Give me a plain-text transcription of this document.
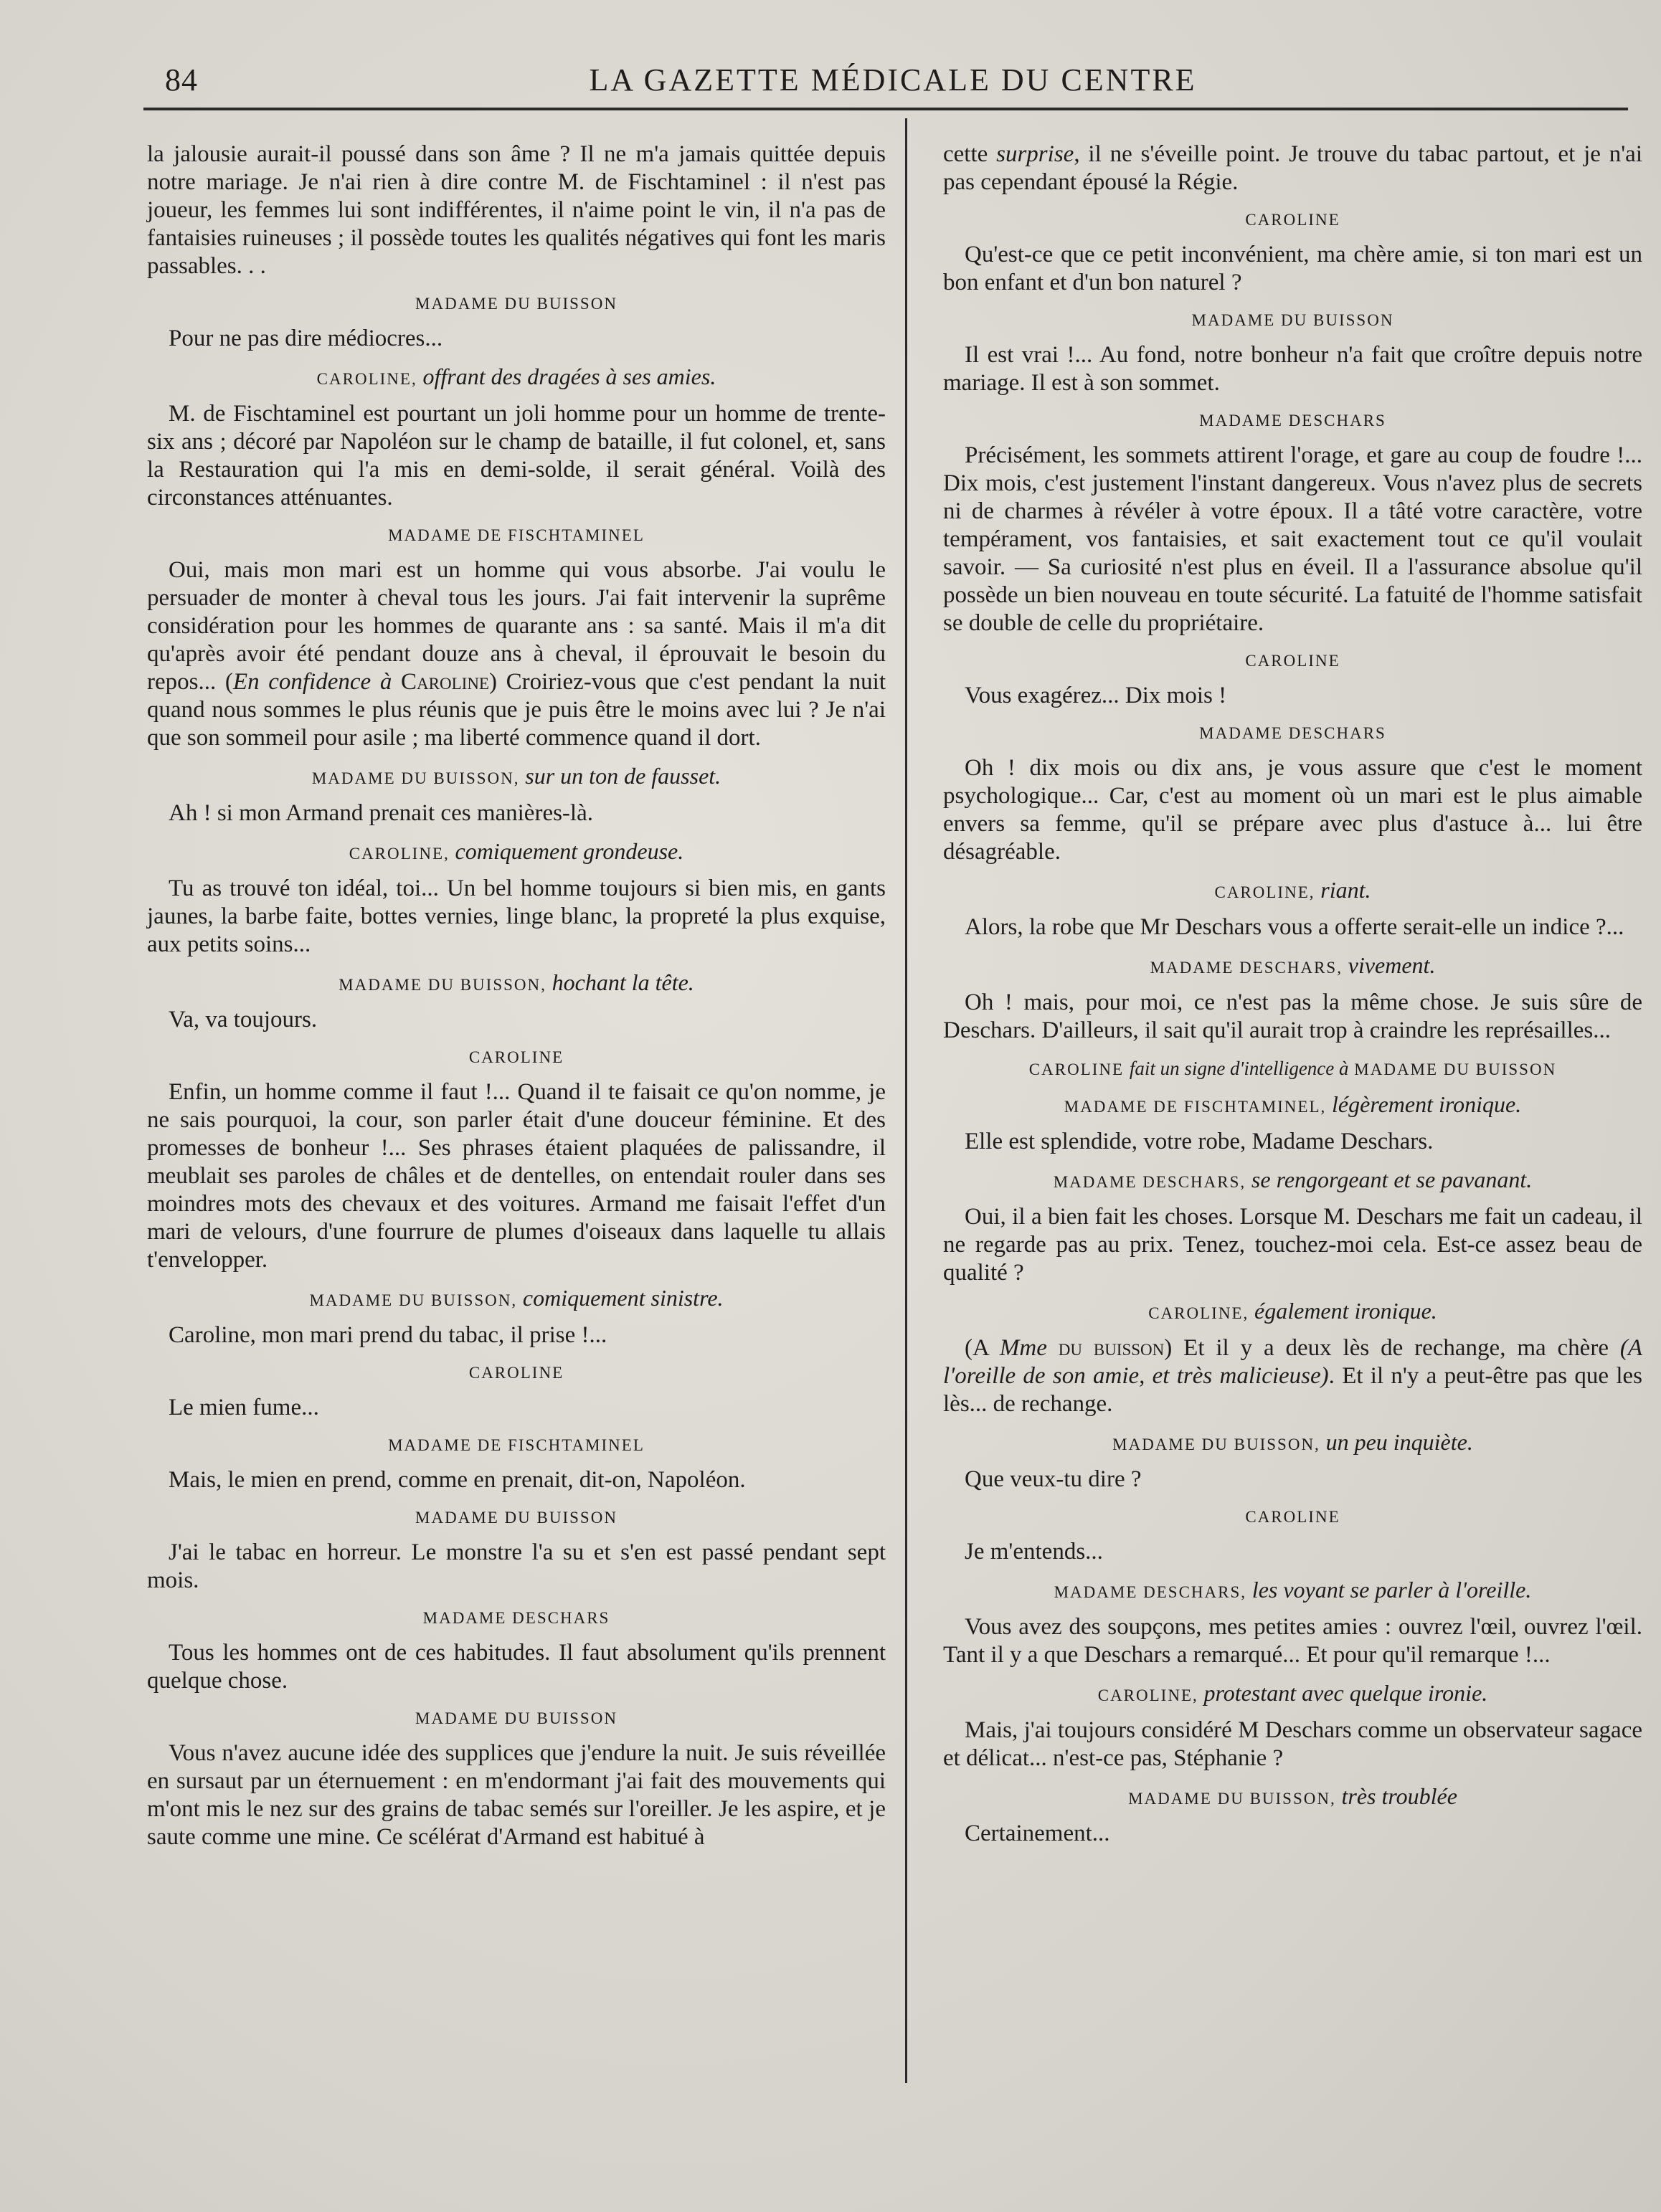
84	LA GAZETTE MÉDICALE DU CENTRE

la jalousie aurait-il poussé dans son âme ? Il ne m'a jamais quittée depuis notre mariage. Je n'ai rien à dire contre M. de Fischtaminel : il n'est pas joueur, les femmes lui sont indifférentes, il n'aime point le vin, il n'a pas de fantaisies ruineuses ; il possède toutes les qualités négatives qui font les maris passables. . .

MADAME DU BUISSON

Pour ne pas dire médiocres...

CAROLINE, offrant des dragées à ses amies.

M. de Fischtaminel est pourtant un joli homme pour un homme de trente-six ans ; décoré par Napoléon sur le champ de bataille, il fut colonel, et, sans la Restauration qui l'a mis en demi-solde, il serait général. Voilà des circonstances atténuantes.

MADAME DE FISCHTAMINEL

Oui, mais mon mari est un homme qui vous absorbe. J'ai voulu le persuader de monter à cheval tous les jours. J'ai fait intervenir la suprême considération pour les hommes de quarante ans : sa santé. Mais il m'a dit qu'après avoir été pendant douze ans à cheval, il éprouvait le besoin du repos... (En confidence à Caroline) Croiriez-vous que c'est pendant la nuit quand nous sommes le plus réunis que je puis être le moins avec lui ? Je n'ai que son sommeil pour asile ; ma liberté commence quand il dort.

MADAME DU BUISSON, sur un ton de fausset.

Ah ! si mon Armand prenait ces manières-là.

CAROLINE, comiquement grondeuse.

Tu as trouvé ton idéal, toi... Un bel homme toujours si bien mis, en gants jaunes, la barbe faite, bottes vernies, linge blanc, la propreté la plus exquise, aux petits soins...

MADAME DU BUISSON, hochant la tête.

Va, va toujours.

CAROLINE

Enfin, un homme comme il faut !... Quand il te faisait ce qu'on nomme, je ne sais pourquoi, la cour, son parler était d'une douceur féminine. Et des promesses de bonheur !... Ses phrases étaient plaquées de palissandre, il meublait ses paroles de châles et de dentelles, on entendait rouler dans ses moindres mots des chevaux et des voitures. Armand me faisait l'effet d'un mari de velours, d'une fourrure de plumes d'oiseaux dans laquelle tu allais t'envelopper.

MADAME DU BUISSON, comiquement sinistre.

Caroline, mon mari prend du tabac, il prise !...

CAROLINE

Le mien fume...

MADAME DE FISCHTAMINEL

Mais, le mien en prend, comme en prenait, dit-on, Napoléon.

MADAME DU BUISSON

J'ai le tabac en horreur. Le monstre l'a su et s'en est passé pendant sept mois.

MADAME DESCHARS

Tous les hommes ont de ces habitudes. Il faut absolument qu'ils prennent quelque chose.

MADAME DU BUISSON

Vous n'avez aucune idée des supplices que j'endure la nuit. Je suis réveillée en sursaut par un éternuement : en m'endormant j'ai fait des mouvements qui m'ont mis le nez sur des grains de tabac semés sur l'oreiller. Je les aspire, et je saute comme une mine. Ce scélérat d'Armand est habitué à

cette surprise, il ne s'éveille point. Je trouve du tabac partout, et je n'ai pas cependant épousé la Régie.

CAROLINE

Qu'est-ce que ce petit inconvénient, ma chère amie, si ton mari est un bon enfant et d'un bon naturel ?

MADAME DU BUISSON

Il est vrai !... Au fond, notre bonheur n'a fait que croître depuis notre mariage. Il est à son sommet.

MADAME DESCHARS

Précisément, les sommets attirent l'orage, et gare au coup de foudre !... Dix mois, c'est justement l'instant dangereux. Vous n'avez plus de secrets ni de charmes à révéler à votre époux. Il a tâté votre caractère, votre tempérament, vos fantaisies, et sait exactement tout ce qu'il voulait savoir. — Sa curiosité n'est plus en éveil. Il a l'assurance absolue qu'il possède un bien nouveau en toute sécurité. La fatuité de l'homme satisfait se double de celle du propriétaire.

CAROLINE

Vous exagérez... Dix mois !

MADAME DESCHARS

Oh ! dix mois ou dix ans, je vous assure que c'est le moment psychologique... Car, c'est au moment où un mari est le plus aimable envers sa femme, qu'il se prépare avec plus d'astuce à... lui être désagréable.

CAROLINE, riant.

Alors, la robe que Mr Deschars vous a offerte serait-elle un indice ?...

MADAME DESCHARS, vivement.

Oh ! mais, pour moi, ce n'est pas la même chose. Je suis sûre de Deschars. D'ailleurs, il sait qu'il aurait trop à craindre les représailles...

CAROLINE fait un signe d'intelligence à MADAME DU BUISSON
MADAME DE FISCHTAMINEL, légèrement ironique.

Elle est splendide, votre robe, Madame Deschars.

MADAME DESCHARS, se rengorgeant et se pavanant.

Oui, il a bien fait les choses. Lorsque M. Deschars me fait un cadeau, il ne regarde pas au prix. Tenez, touchez-moi cela. Est-ce assez beau de qualité ?

CAROLINE, également ironique.

(A Mme du buisson) Et il y a deux lès de rechange, ma chère (A l'oreille de son amie, et très malicieuse). Et il n'y a peut-être pas que les lès... de rechange.

MADAME DU BUISSON, un peu inquiète.

Que veux-tu dire ?

CAROLINE

Je m'entends...

MADAME DESCHARS, les voyant se parler à l'oreille.

Vous avez des soupçons, mes petites amies : ouvrez l'œil, ouvrez l'œil. Tant il y a que Deschars a remarqué... Et pour qu'il remarque !...

CAROLINE, protestant avec quelque ironie.

Mais, j'ai toujours considéré M Deschars comme un observateur sagace et délicat... n'est-ce pas, Stéphanie ?

MADAME DU BUISSON, très troublée

Certainement...
